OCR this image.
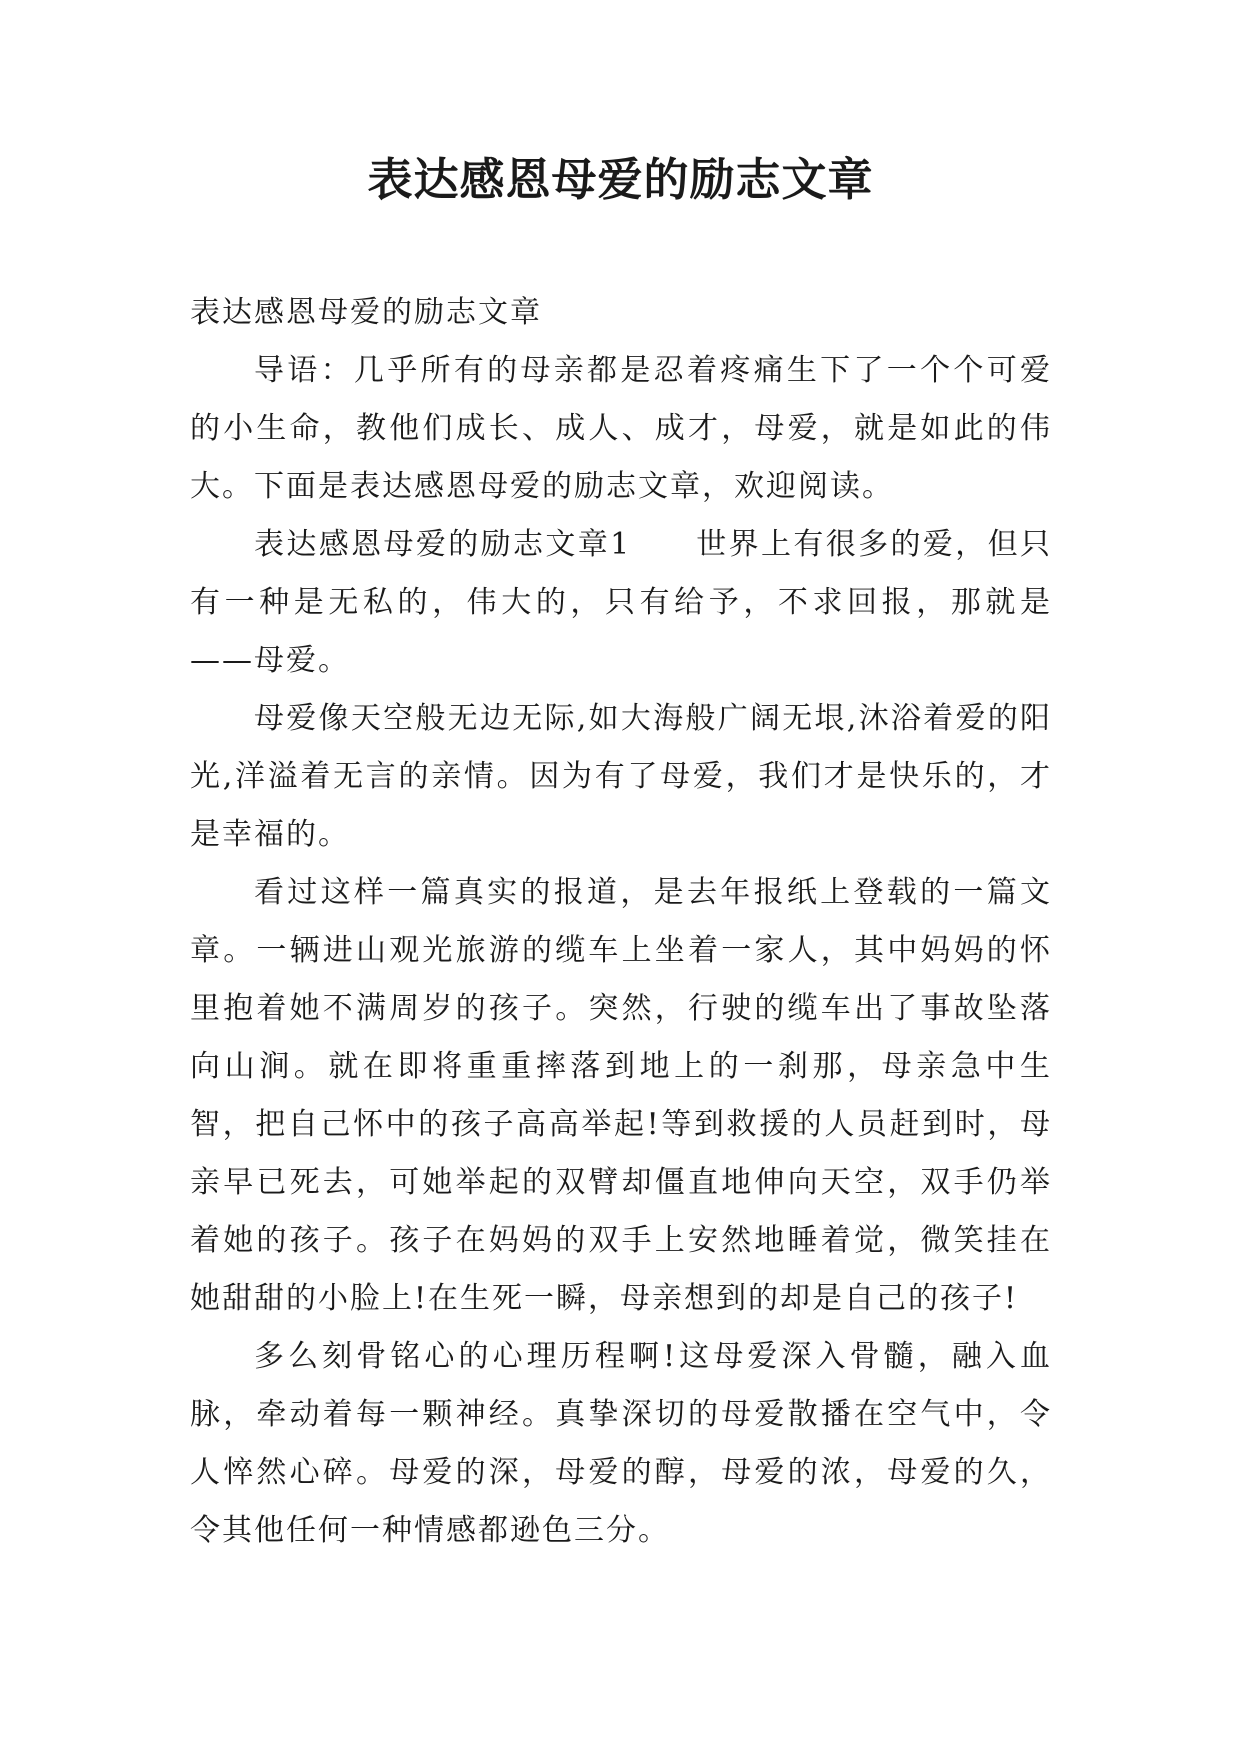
表达感恩母爱的励志文章

表达感恩母爱的励志文章

导语：几乎所有的母亲都是忍着疼痛生下了一个个可爱的小生命，教他们成长、成人、成才，母爱，就是如此的伟大。下面是表达感恩母爱的励志文章，欢迎阅读。

表达感恩母爱的励志文章1　　世界上有很多的爱，但只有一种是无私的，伟大的，只有给予，不求回报，那就是——母爱。

母爱像天空般无边无际,如大海般广阔无垠,沐浴着爱的阳光,洋溢着无言的亲情。因为有了母爱，我们才是快乐的，才是幸福的。

看过这样一篇真实的报道，是去年报纸上登载的一篇文章。一辆进山观光旅游的缆车上坐着一家人，其中妈妈的怀里抱着她不满周岁的孩子。突然，行驶的缆车出了事故坠落向山涧。就在即将重重摔落到地上的一刹那，母亲急中生智，把自己怀中的孩子高高举起!等到救援的人员赶到时，母亲早已死去，可她举起的双臂却僵直地伸向天空，双手仍举着她的孩子。孩子在妈妈的双手上安然地睡着觉，微笑挂在她甜甜的小脸上!在生死一瞬，母亲想到的却是自己的孩子!

多么刻骨铭心的心理历程啊!这母爱深入骨髓，融入血脉，牵动着每一颗神经。真挚深切的母爱散播在空气中，令人悴然心碎。母爱的深，母爱的醇，母爱的浓，母爱的久，令其他任何一种情感都逊色三分。
